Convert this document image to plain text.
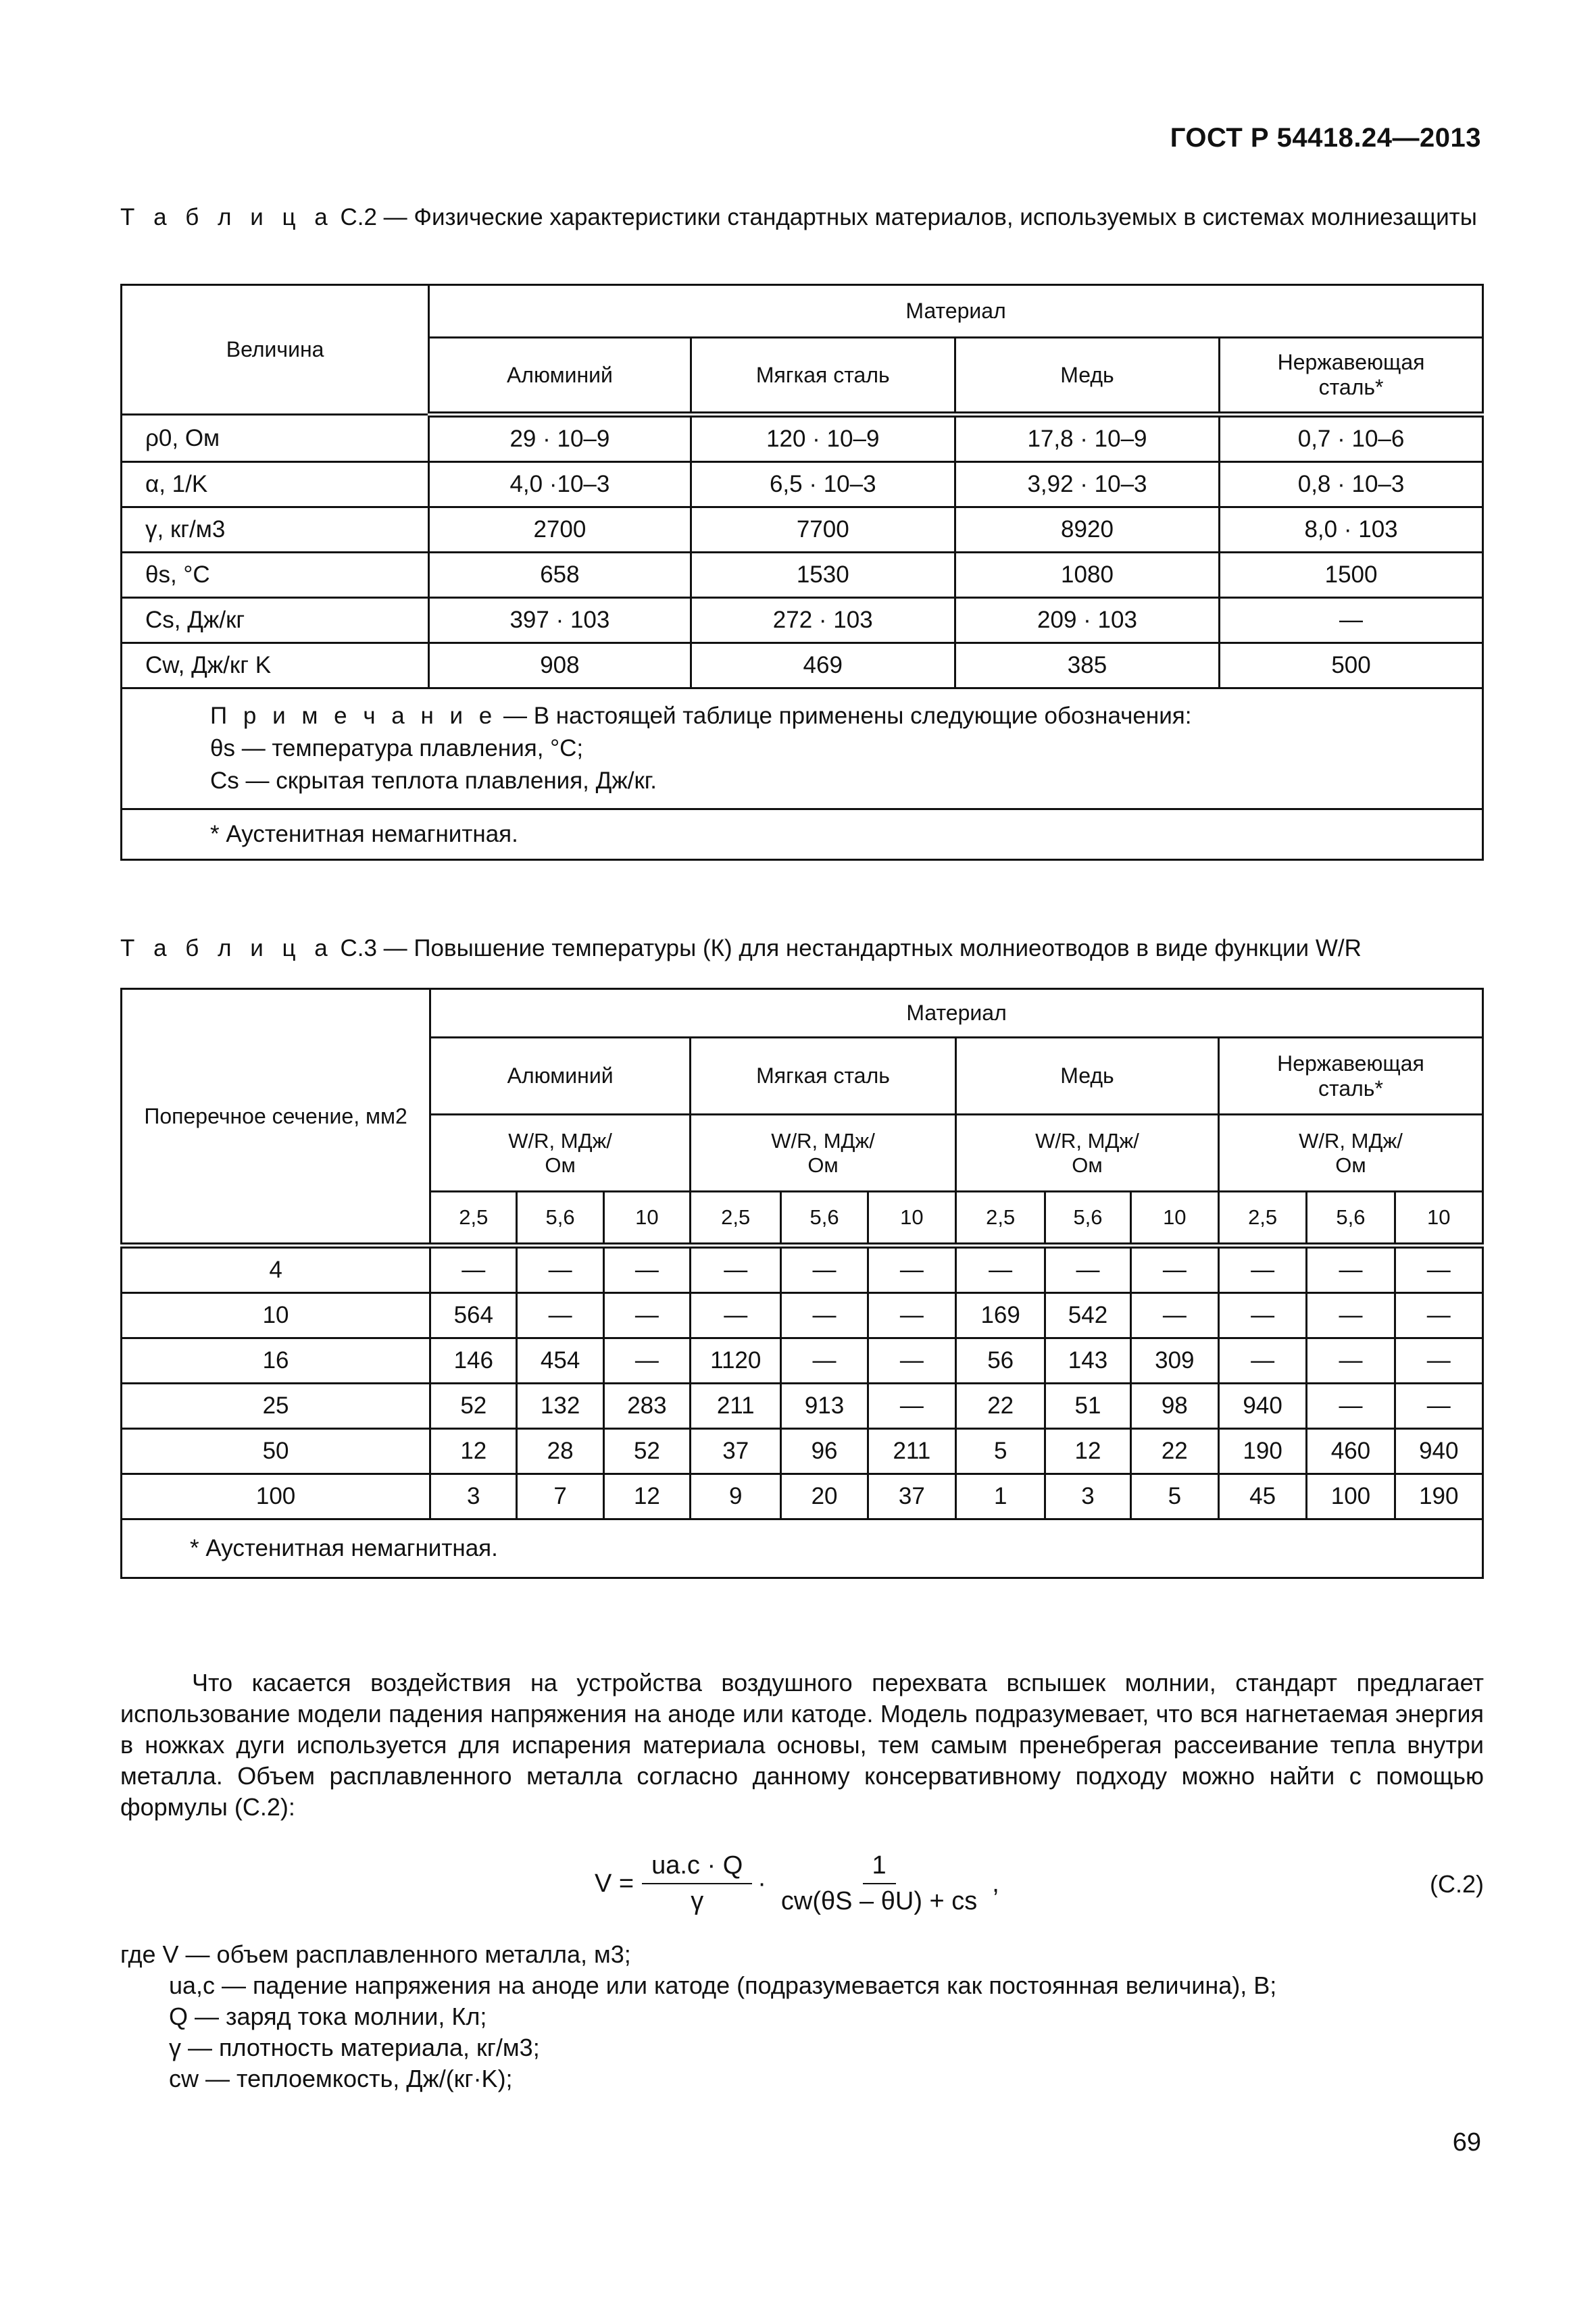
ГОСТ Р 54418.24—2013
Т а б л и ц а С.2 — Физические характеристики стандартных материалов, используемых в системах молниезащиты
Величина	Материал			
	Алюминий	Мягкая сталь	Медь	Нержавеющая сталь*
ρ0, Ом	29 · 10–9	120 · 10–9	17,8 · 10–9	0,7 · 10–6
α, 1/K	4,0 ·10–3	6,5 · 10–3	3,92 · 10–3	0,8 · 10–3
γ, кг/м3	2700	7700	8920	8,0 · 103
θs, °С	658	1530	1080	1500
Cs, Дж/кг	397 · 103	272 · 103	209 · 103	—
Cw, Дж/кг K	908	469	385	500
П р и м е ч а н и е — В настоящей таблице применены следующие обозначения:
θs — температура плавления, °С;
Cs — скрытая теплота плавления, Дж/кг.				
* Аустенитная немагнитная.				
Т а б л и ц а С.3 — Повышение температуры (К) для нестандартных молниеотводов в виде функции W/R
Поперечное сечение, мм2	Материал											
	Алюминий			Мягкая сталь			Медь			Нержавеющая сталь*		
	W/R, МДж/Ом			W/R, МДж/Ом			W/R, МДж/Ом			W/R, МДж/Ом		
	2,5	5,6	10	2,5	5,6	10	2,5	5,6	10	2,5	5,6	10
4	—	—	—	—	—	—	—	—	—	—	—	—
10	564	—	—	—	—	—	169	542	—	—	—	—
16	146	454	—	1120	—	—	56	143	309	—	—	—
25	52	132	283	211	913	—	22	51	98	940	—	—
50	12	28	52	37	96	211	5	12	22	190	460	940
100	3	7	12	9	20	37	1	3	5	45	100	190
* Аустенитная немагнитная.												
Что касается воздействия на устройства воздушного перехвата вспышек молнии, стандарт предлагает использование модели падения напряжения на аноде или катоде. Модель подразумевает, что вся нагнетаемая энергия в ножках дуги используется для испарения материала основы, тем самым пренебрегая рассеивание тепла внутри металла. Объем расплавленного металла согласно данному консервативному подходу можно найти с помощью формулы (С.2):
$V = \frac{ua.c \cdot Q}{\gamma} \cdot \frac{1}{cw(\theta S - \theta U) + cs}$ ,	(С.2)
где V — объем расплавленного металла, м3;
ua,c — падение напряжения на аноде или катоде (подразумевается как постоянная величина), В;
Q — заряд тока молнии, Кл;
γ — плотность материала, кг/м3;
cw — теплоемкость, Дж/(кг·K);
69
